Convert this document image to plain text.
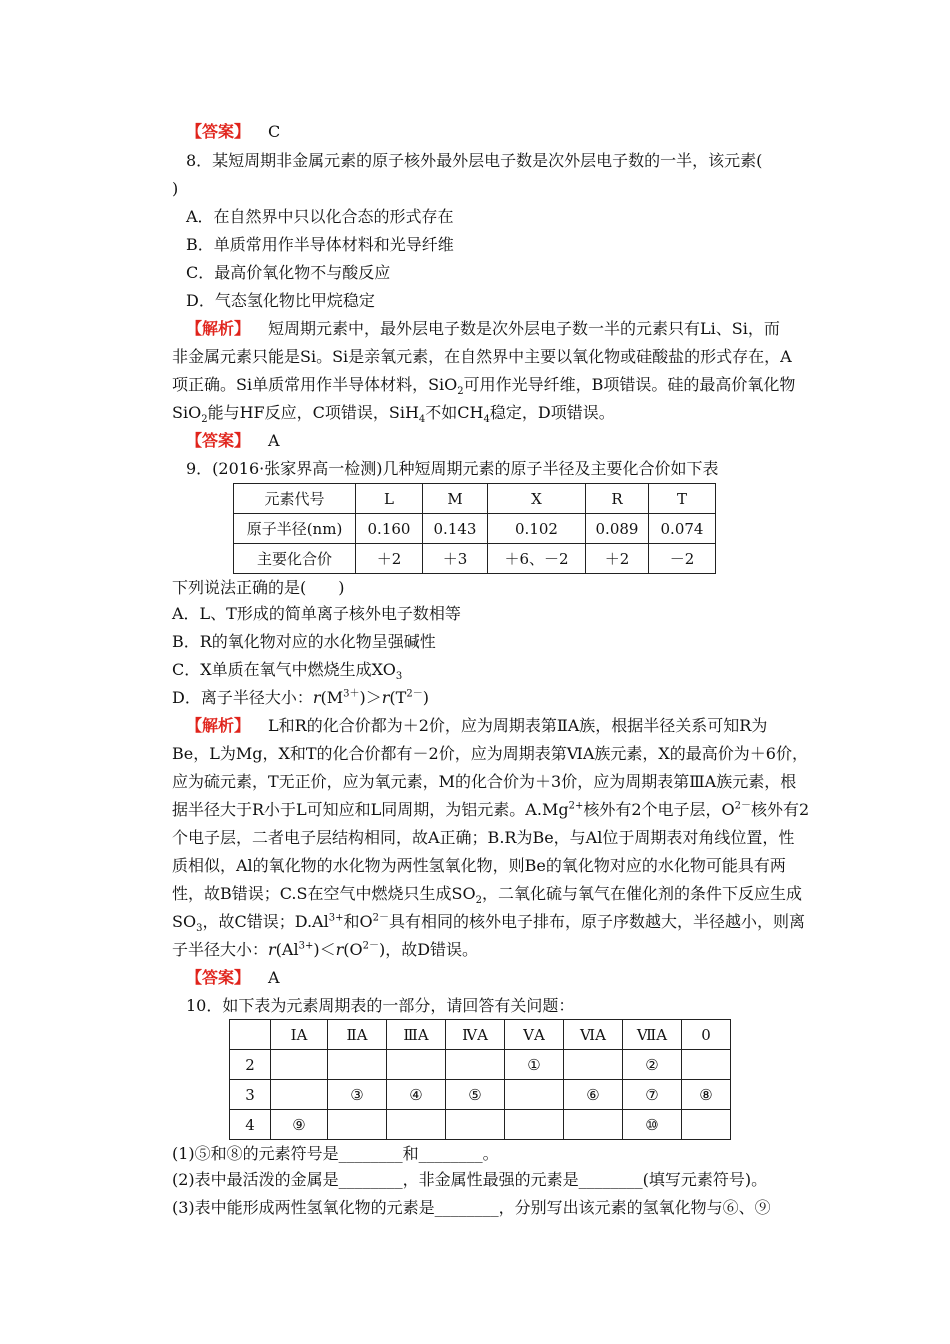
【答案】 C
8．某短周期非金属元素的原子核外最外层电子数是次外层电子数的一半，该元素(
)
A．在自然界中只以化合态的形式存在
B．单质常用作半导体材料和光导纤维
C．最高价氧化物不与酸反应
D．气态氢化物比甲烷稳定
【解析】 短周期元素中，最外层电子数是次外层电子数一半的元素只有Li、Si，而
非金属元素只能是Si。Si是亲氧元素，在自然界中主要以氧化物或硅酸盐的形式存在，A
项正确。Si单质常用作半导体材料，SiO$_2$可用作光导纤维，B项错误。硅的最高价氧化物
SiO$_2$能与HF反应，C项错误，SiH$_4$不如$CH_4$稳定，D项错误。
【答案】 A
9．(2016·张家界高一检测)几种短周期元素的原子半径及主要化合价如下表
元素代号	L	M	X	R	T
原子半径(nm)	0.160	0.143	0.102	0.089	0.074
主要化合价	＋2	＋3	＋6、－2	＋2	－2
下列说法正确的是(　　)
A．L、T形成的简单离子核外电子数相等
B．R的氧化物对应的水化物呈强碱性
C．X单质在氧气中燃烧生成$XO_3$
D．离子半径大小：$r(M^{3+})>r(T^{2-})$
【解析】 L和R的化合价都为＋2价，应为周期表第ⅡA族，根据半径关系可知R为
Be，L为Mg，X和T的化合价都有－2价，应为周期表第ⅥA族元素，X的最高价为＋6价，
应为硫元素，T无正价，应为氧元素，M的化合价为＋3价，应为周期表第ⅢA族元素，根
据半径大于R小于L可知应和L同周期，为铝元素。$A.Mg^{2+}$核外有2个电子层，$O^{2-}$核外有2
个电子层，二者电子层结构相同，故A正确；B.R为Be，与Al位于周期表对角线位置，性
质相似，Al的氧化物的水化物为两性氢氧化物，则Be的氧化物对应的水化物可能具有两
性，故B错误；C.S在空气中燃烧只生成$SO_2$，二氧化硫与氧气在催化剂的条件下反应生成
$SO_3$，故C错误；$D.Al^{3+}$和$O^{2-}$具有相同的核外电子排布，原子序数越大，半径越小，则离
子半径大小：$r(Al^{3+})<r(O^{2-})$，故D错误。
【答案】 A
10．如下表为元素周期表的一部分，请回答有关问题：
	ⅠA	ⅡA	ⅢA	ⅣA	ⅤA	ⅥA	ⅦA	0
2					①		②	
3		③	④	⑤		⑥	⑦	⑧
4	⑨						⑩	
(1)⑤和⑧的元素符号是________和________。
(2)表中最活泼的金属是________，非金属性最强的元素是________(填写元素符号)。
(3)表中能形成两性氢氧化物的元素是________，分别写出该元素的氢氧化物与⑥、⑨
